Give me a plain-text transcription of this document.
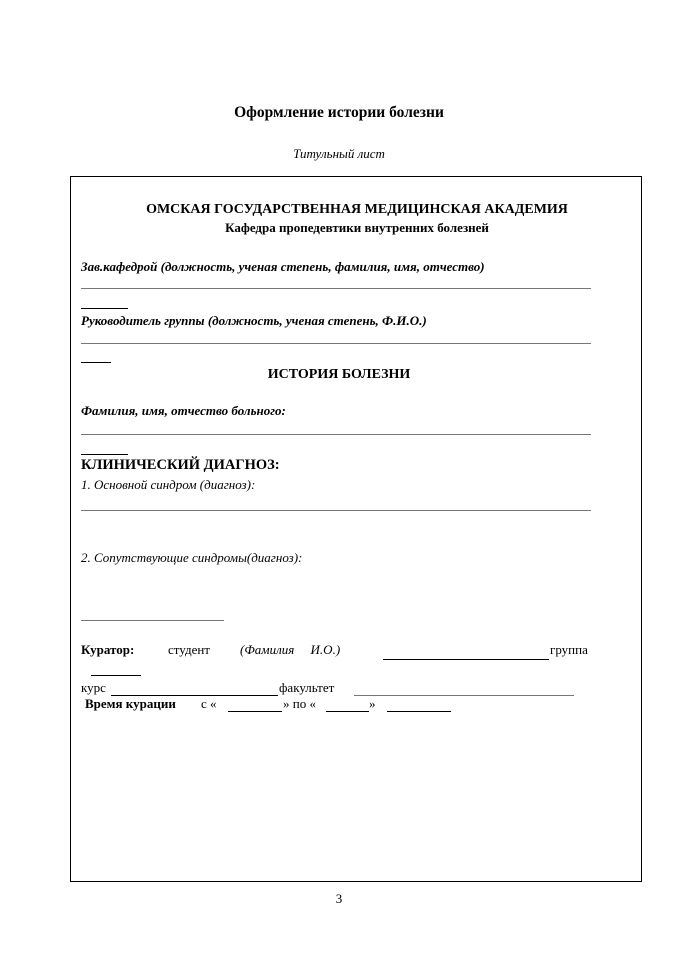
Оформление истории болезни
Титульный лист
ОМСКАЯ ГОСУДАРСТВЕННАЯ МЕДИЦИНСКАЯ АКАДЕМИЯ
Кафедра пропедевтики внутренних болезней
Зав.кафедрой (должность, ученая степень, фамилия, имя, отчество)
Руководитель группы (должность, ученая степень, Ф.И.О.)
ИСТОРИЯ БОЛЕЗНИ
Фамилия, имя, отчество больного:
КЛИНИЧЕСКИЙ ДИАГНОЗ:
1. Основной синдром (диагноз):
2. Сопутствующие синдромы(диагноз):
Куратор:	студент (Фамилия     И.О.)	группа
курс	факультет
Время курации с «	» по «	»
3
